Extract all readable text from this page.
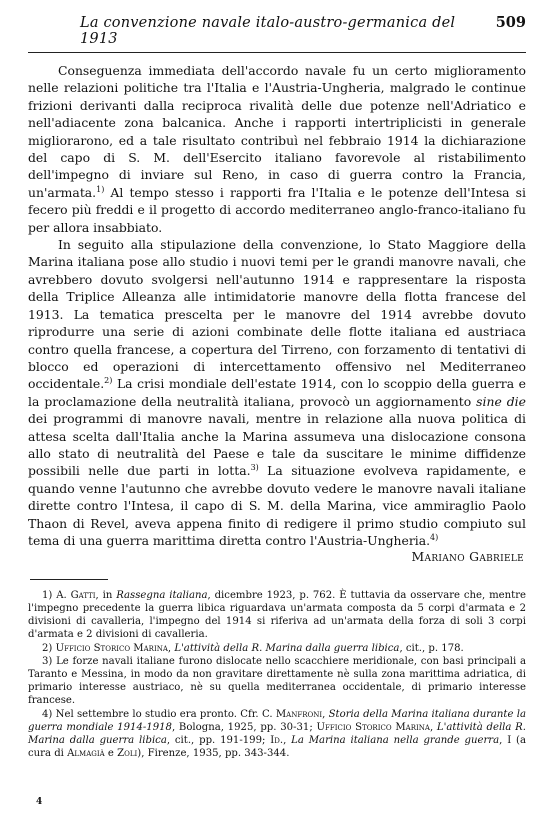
La convenzione navale italo-austro-germanica del 1913
509

Conseguenza immediata dell'accordo navale fu un certo miglioramento nelle relazioni politiche tra l'Italia e l'Austria-Ungheria, malgrado le continue frizioni derivanti dalla reciproca rivalità delle due potenze nell'Adriatico e nell'adiacente zona balcanica. Anche i rapporti intertriplicisti in generale migliorarono, ed a tale risultato contribuì nel febbraio 1914 la dichiarazione del capo di S. M. dell'Esercito italiano favorevole al ristabilimento dell'impegno di inviare sul Reno, in caso di guerra contro la Francia, un'armata.$^{1)}$ Al tempo stesso i rapporti fra l'Italia e le potenze dell'Intesa si fecero più freddi e il progetto di accordo mediterraneo anglo-franco-italiano fu per allora insabbiato.

In seguito alla stipulazione della convenzione, lo Stato Maggiore della Marina italiana pose allo studio i nuovi temi per le grandi manovre navali, che avrebbero dovuto svolgersi nell'autunno 1914 e rappresentare la risposta della Triplice Alleanza alle intimidatorie manovre della flotta francese del 1913. La tematica prescelta per le manovre del 1914 avrebbe dovuto riprodurre una serie di azioni combinate delle flotte italiana ed austriaca contro quella francese, a copertura del Tirreno, con forzamento di tentativi di blocco ed operazioni di intercettamento offensivo nel Mediterraneo occidentale.$^{2)}$ La crisi mondiale dell'estate 1914, con lo scoppio della guerra e la proclamazione della neutralità italiana, provocò un aggiornamento sine die dei programmi di manovre navali, mentre in relazione alla nuova politica di attesa scelta dall'Italia anche la Marina assumeva una dislocazione consona allo stato di neutralità del Paese e tale da suscitare le minime diffidenze possibili nelle due parti in lotta.$^{3)}$ La situazione evolveva rapidamente, e quando venne l'autunno che avrebbe dovuto vedere le manovre navali italiane dirette contro l'Intesa, il capo di S. M. della Marina, vice ammiraglio Paolo Thaon di Revel, aveva appena finito di redigere il primo studio compiuto sul tema di una guerra marittima diretta contro l'Austria-Ungheria.$^{4)}$

Mariano Gabriele

1) A. Gatti, in Rassegna italiana, dicembre 1923, p. 762. È tuttavia da osservare che, mentre l'impegno precedente la guerra libica riguardava un'armata composta da 5 corpi d'armata e 2 divisioni di cavalleria, l'impegno del 1914 si riferiva ad un'armata della forza di soli 3 corpi d'armata e 2 divisioni di cavalleria.

2) Ufficio Storico Marina, L'attività della R. Marina dalla guerra libica, cit., p. 178.

3) Le forze navali italiane furono dislocate nello scacchiere meridionale, con basi principali a Taranto e Messina, in modo da non gravitare direttamente nè sulla zona marittima adriatica, di primario interesse austriaco, nè su quella mediterranea occidentale, di primario interesse francese.

4) Nel settembre lo studio era pronto. Cfr. C. Manfroni, Storia della Marina italiana durante la guerra mondiale 1914-1918, Bologna, 1925, pp. 30-31; Ufficio Storico Marina, L'attività della R. Marina dalla guerra libica, cit., pp. 191-199; Id., La Marina italiana nella grande guerra, I (a cura di Almagià e Zoli), Firenze, 1935, pp. 343-344.

4
